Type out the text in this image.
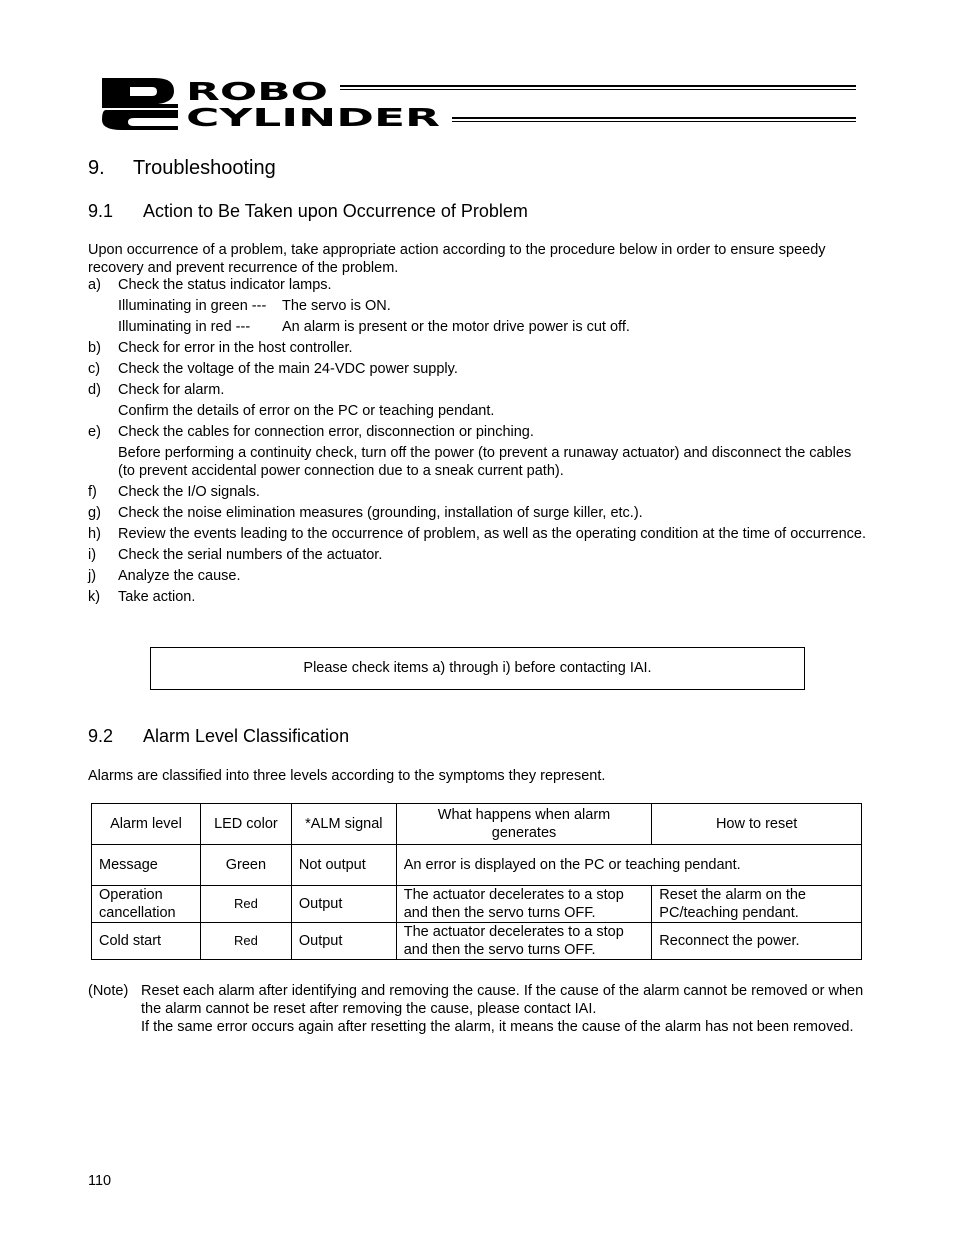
ROBO
CYLINDER
9. Troubleshooting
9.1 Action to Be Taken upon Occurrence of Problem

Upon occurrence of a problem, take appropriate action according to the procedure below in order to ensure speedy recovery and prevent recurrence of the problem.

a) Check the status indicator lamps.
Illuminating in green --- The servo is ON.
Illuminating in red --- An alarm is present or the motor drive power is cut off.
b) Check for error in the host controller.
c) Check the voltage of the main 24-VDC power supply.
d) Check for alarm.
Confirm the details of error on the PC or teaching pendant.
e) Check the cables for connection error, disconnection or pinching.
Before performing a continuity check, turn off the power (to prevent a runaway actuator) and disconnect the cables (to prevent accidental power connection due to a sneak current path).
f) Check the I/O signals.
g) Check the noise elimination measures (grounding, installation of surge killer, etc.).
h) Review the events leading to the occurrence of problem, as well as the operating condition at the time of occurrence.
i) Check the serial numbers of the actuator.
j) Analyze the cause.
k) Take action.
Please check items a) through i) before contacting IAI.
9.2 Alarm Level Classification

Alarms are classified into three levels according to the symptoms they represent.

Alarm level	LED color	*ALM signal	What happens when alarm generates	How to reset
Message	Green	Not output	An error is displayed on the PC or teaching pendant.	
Operation cancellation	Red	Output	The actuator decelerates to a stop and then the servo turns OFF.	Reset the alarm on the PC/teaching pendant.
Cold start	Red	Output	The actuator decelerates to a stop and then the servo turns OFF.	Reconnect the power.
(Note) Reset each alarm after identifying and removing the cause. If the cause of the alarm cannot be removed or when the alarm cannot be reset after removing the cause, please contact IAI.
If the same error occurs again after resetting the alarm, it means the cause of the alarm has not been removed.
110
